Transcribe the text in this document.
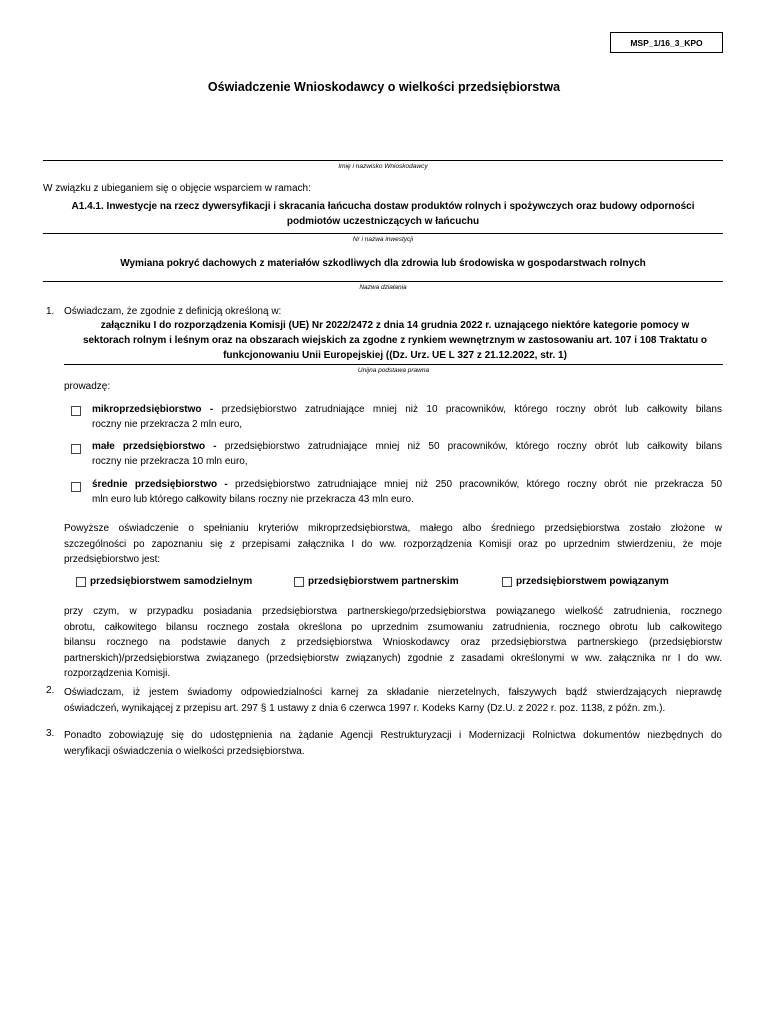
MSP_1/16_3_KPO
Oświadczenie Wnioskodawcy o wielkości przedsiębiorstwa
Imię i nazwisko Wnioskodawcy
W związku z ubieganiem się o objęcie wsparciem w ramach:
A1.4.1. Inwestycje na rzecz dywersyfikacji i skracania łańcucha dostaw produktów rolnych i spożywczych oraz budowy odporności
podmiotów uczestniczących w łańcuchu
Nr i nazwa inwestycji
Wymiana pokryć dachowych z materiałów szkodliwych dla zdrowia lub środowiska w gospodarstwach rolnych
Nazwa działania
1. Oświadczam, że zgodnie z definicją określoną w:
załączniku I do rozporządzenia Komisji (UE) Nr 2022/2472 z dnia 14 grudnia 2022 r. uznającego niektóre kategorie pomocy w
sektorach rolnym i leśnym oraz na obszarach wiejskich za zgodne z rynkiem wewnętrznym w zastosowaniu art. 107 i 108 Traktatu o
funkcjonowaniu Unii Europejskiej ((Dz. Urz. UE L 327 z 21.12.2022, str. 1)
Unijna podstawa prawna
prowadzę:
mikroprzedsiębiorstwo - przedsiębiorstwo zatrudniające mniej niż 10 pracowników, którego roczny obrót lub całkowity bilans
roczny nie przekracza 2 mln euro,
małe przedsiębiorstwo - przedsiębiorstwo zatrudniające mniej niż 50 pracowników, którego roczny obrót lub całkowity bilans
roczny nie przekracza 10 mln euro,
średnie przedsiębiorstwo - przedsiębiorstwo zatrudniające mniej niż 250 pracowników, którego roczny obrót nie przekracza 50
mln euro lub którego całkowity bilans roczny nie przekracza 43 mln euro.
Powyższe oświadczenie o spełnianiu kryteriów mikroprzedsiębiorstwa, małego albo średniego przedsiębiorstwa zostało złożone w
szczególności po zapoznaniu się z przepisami załącznika I do ww. rozporządzenia Komisji oraz po uprzednim stwierdzeniu, że moje
przedsiębiorstwo jest:
przedsiębiorstwem samodzielnym	przedsiębiorstwem partnerskim	przedsiębiorstwem powiązanym
przy czym, w przypadku posiadania przedsiębiorstwa partnerskiego/przedsiębiorstwa powiązanego wielkość zatrudnienia, rocznego
obrotu, całkowitego bilansu rocznego została określona po uprzednim zsumowaniu zatrudnienia, rocznego obrotu lub całkowitego
bilansu rocznego na podstawie danych z przedsiębiorstwa Wnioskodawcy oraz przedsiębiorstwa partnerskiego (przedsiębiorstw
partnerskich)/przedsiębiorstwa związanego (przedsiębiorstw związanych) zgodnie z zasadami określonymi w ww. załącznika nr I do ww.
rozporządzenia Komisji.
2. Oświadczam, iż jestem świadomy odpowiedzialności karnej za składanie nierzetelnych, fałszywych bądź stwierdzających nieprawdę
oświadczeń, wynikającej z przepisu art. 297 § 1 ustawy z dnia 6 czerwca 1997 r. Kodeks Karny (Dz.U. z 2022 r. poz. 1138, z późn. zm.).
3. Ponadto zobowiązuję się do udostępnienia na żądanie Agencji Restrukturyzacji i Modernizacji Rolnictwa dokumentów niezbędnych do
weryfikacji oświadczenia o wielkości przedsiębiorstwa.
